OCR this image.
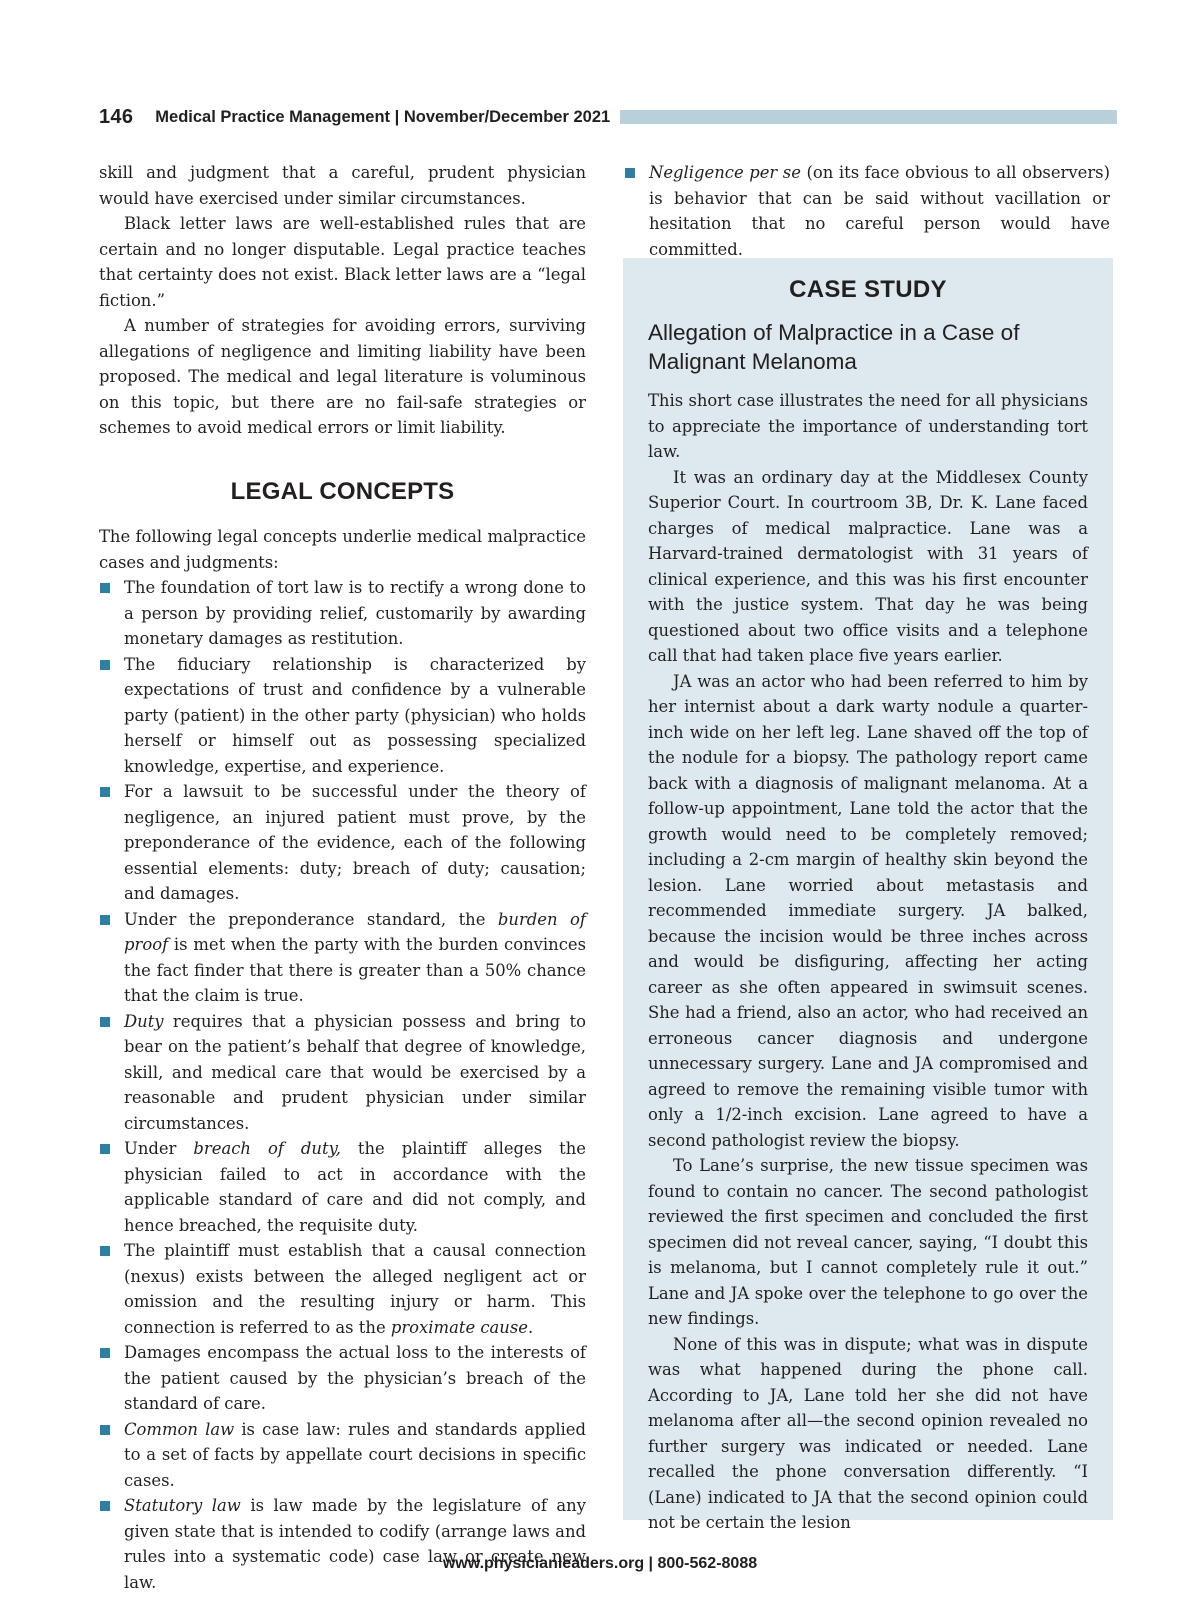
146 Medical Practice Management | November/December 2021

skill and judgment that a careful, prudent physician would have exercised under similar circumstances.

Black letter laws are well-established rules that are certain and no longer disputable. Legal practice teaches that certainty does not exist. Black letter laws are a “legal fiction.”

A number of strategies for avoiding errors, surviving allegations of negligence and limiting liability have been proposed. The medical and legal literature is voluminous on this topic, but there are no fail-safe strategies or schemes to avoid medical errors or limit liability.

LEGAL CONCEPTS

The following legal concepts underlie medical malpractice cases and judgments:

The foundation of tort law is to rectify a wrong done to a person by providing relief, customarily by awarding monetary damages as restitution.
The fiduciary relationship is characterized by expectations of trust and confidence by a vulnerable party (patient) in the other party (physician) who holds herself or himself out as possessing specialized knowledge, expertise, and experience.
For a lawsuit to be successful under the theory of negligence, an injured patient must prove, by the preponderance of the evidence, each of the following essential elements: duty; breach of duty; causation; and damages.
Under the preponderance standard, the burden of proof is met when the party with the burden convinces the fact finder that there is greater than a 50% chance that the claim is true.
Duty requires that a physician possess and bring to bear on the patient’s behalf that degree of knowledge, skill, and medical care that would be exercised by a reasonable and prudent physician under similar circumstances.
Under breach of duty, the plaintiff alleges the physician failed to act in accordance with the applicable standard of care and did not comply, and hence breached, the requisite duty.
The plaintiff must establish that a causal connection (nexus) exists between the alleged negligent act or omission and the resulting injury or harm. This connection is referred to as the proximate cause.
Damages encompass the actual loss to the interests of the patient caused by the physician’s breach of the standard of care.
Common law is case law: rules and standards applied to a set of facts by appellate court decisions in specific cases.
Statutory law is law made by the legislature of any given state that is intended to codify (arrange laws and rules into a systematic code) case law or create new law.
Negligence per se (on its face obvious to all observers) is behavior that can be said without vacillation or hesitation that no careful person would have committed.
CASE STUDY
Allegation of Malpractice in a Case of Malignant Melanoma

This short case illustrates the need for all physicians to appreciate the importance of understanding tort law.

It was an ordinary day at the Middlesex County Superior Court. In courtroom 3B, Dr. K. Lane faced charges of medical malpractice. Lane was a Harvard-trained dermatologist with 31 years of clinical experience, and this was his first encounter with the justice system. That day he was being questioned about two office visits and a telephone call that had taken place five years earlier.

JA was an actor who had been referred to him by her internist about a dark warty nodule a quarter-inch wide on her left leg. Lane shaved off the top of the nodule for a biopsy. The pathology report came back with a diagnosis of malignant melanoma. At a follow-up appointment, Lane told the actor that the growth would need to be completely removed; including a 2-cm margin of healthy skin beyond the lesion. Lane worried about metastasis and recommended immediate surgery. JA balked, because the incision would be three inches across and would be disfiguring, affecting her acting career as she often appeared in swimsuit scenes. She had a friend, also an actor, who had received an erroneous cancer diagnosis and undergone unnecessary surgery. Lane and JA compromised and agreed to remove the remaining visible tumor with only a 1/2-inch excision. Lane agreed to have a second pathologist review the biopsy.

To Lane’s surprise, the new tissue specimen was found to contain no cancer. The second pathologist reviewed the first specimen and concluded the first specimen did not reveal cancer, saying, “I doubt this is melanoma, but I cannot completely rule it out.” Lane and JA spoke over the telephone to go over the new findings.

None of this was in dispute; what was in dispute was what happened during the phone call. According to JA, Lane told her she did not have melanoma after all—the second opinion revealed no further surgery was indicated or needed. Lane recalled the phone conversation differently. “I (Lane) indicated to JA that the second opinion could not be certain the lesion

www.physicianleaders.org | 800-562-8088
